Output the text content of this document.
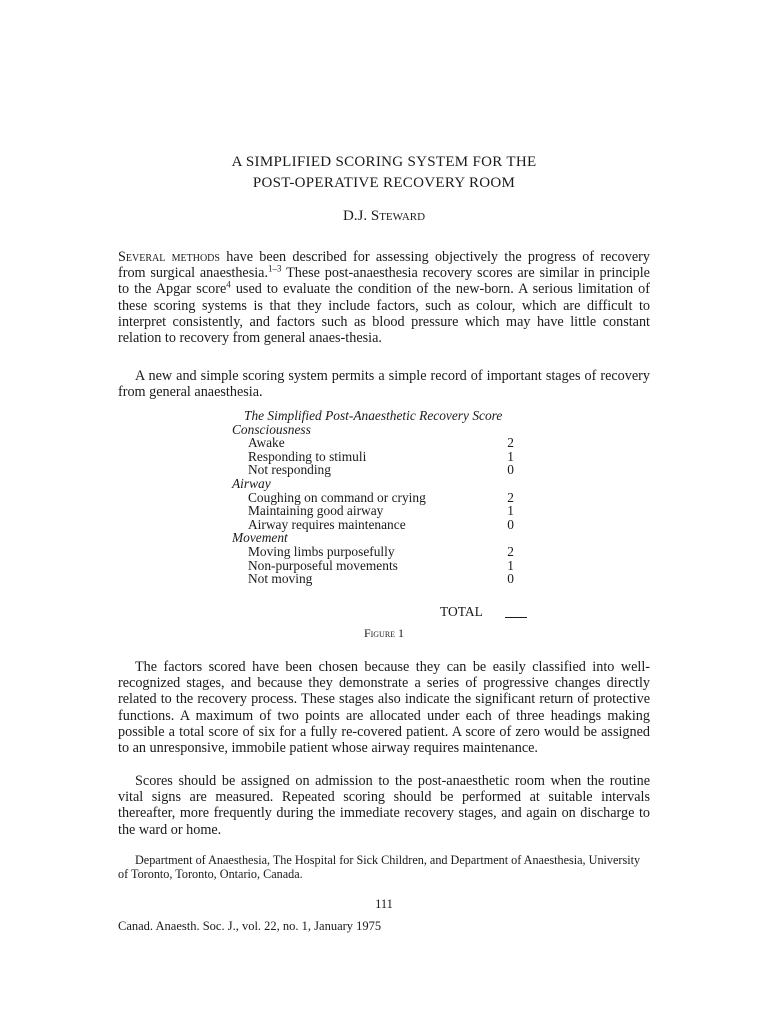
A SIMPLIFIED SCORING SYSTEM FOR THE
POST-OPERATIVE RECOVERY ROOM
D.J. Steward

Several methods have been described for assessing objectively the progress of recovery from surgical anaesthesia.$^{1-3}$ These post-anaesthesia recovery scores are similar in principle to the Apgar score$^4$ used to evaluate the condition of the new-born. A serious limitation of these scoring systems is that they include factors, such as colour, which are difficult to interpret consistently, and factors such as blood pressure which may have little constant relation to recovery from general anaes-thesia.

A new and simple scoring system permits a simple record of important stages of recovery from general anaesthesia.

The Simplified Post-Anaesthetic Recovery Score
Consciousness
Awake	2
Responding to stimuli	1
Not responding	0
Airway
Coughing on command or crying	2
Maintaining good airway	1
Airway requires maintenance	0
Movement
Moving limbs purposefully	2
Non-purposeful movements	1
Not moving	0
TOTAL
Figure 1

The factors scored have been chosen because they can be easily classified into well-recognized stages, and because they demonstrate a series of progressive changes directly related to the recovery process. These stages also indicate the significant return of protective functions. A maximum of two points are allocated under each of three headings making possible a total score of six for a fully re-covered patient. A score of zero would be assigned to an unresponsive, immobile patient whose airway requires maintenance.

Scores should be assigned on admission to the post-anaesthetic room when the routine vital signs are measured. Repeated scoring should be performed at suitable intervals thereafter, more frequently during the immediate recovery stages, and again on discharge to the ward or home.

Department of Anaesthesia, The Hospital for Sick Children, and Department of Anaesthesia, University of Toronto, Toronto, Ontario, Canada.

111
Canad. Anaesth. Soc. J., vol. 22, no. 1, January 1975
